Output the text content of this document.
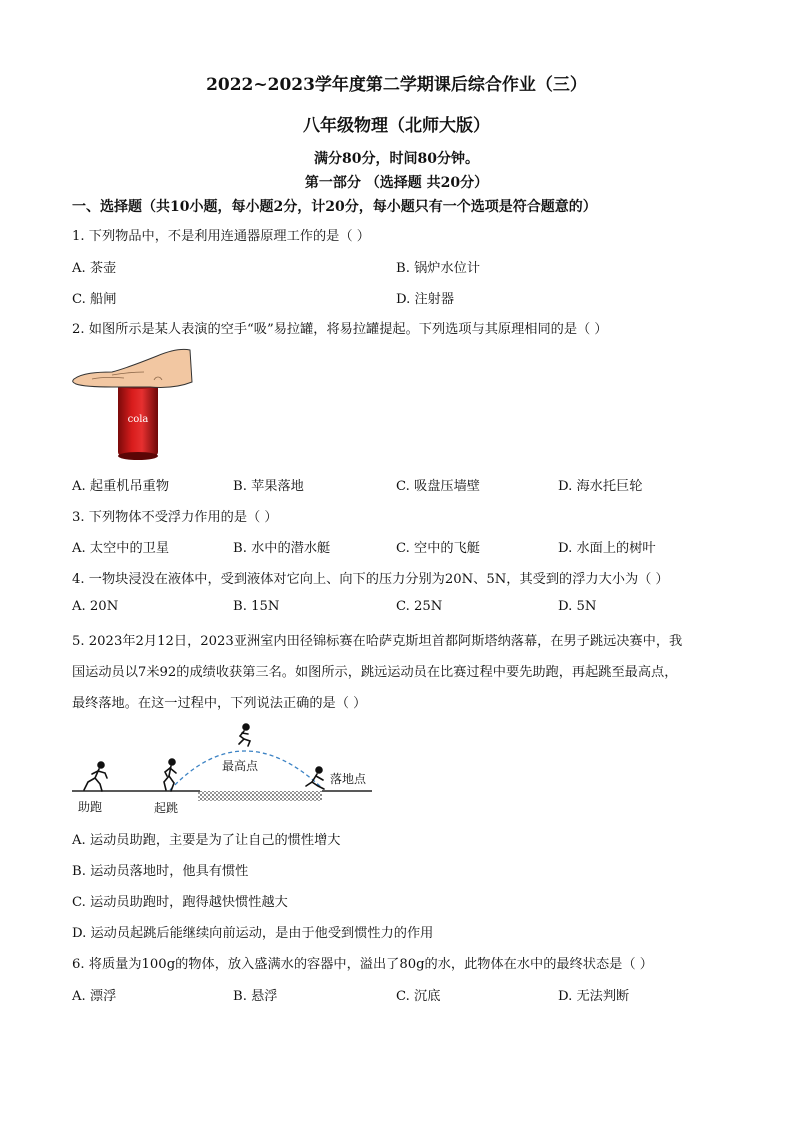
2022~2023学年度第二学期课后综合作业（三）
八年级物理（北师大版）
满分80分，时间80分钟。
第一部分 （选择题 共20分）
一、选择题（共10小题，每小题2分，计20分，每小题只有一个选项是符合题意的）
1. 下列物品中，不是利用连通器原理工作的是（ ）
A. 茶壶	B. 锅炉水位计
C. 船闸	D. 注射器
2. 如图所示是某人表演的空手“吸”易拉罐，将易拉罐提起。下列选项与其原理相同的是（ ）
cola
A. 起重机吊重物	B. 苹果落地	C. 吸盘压墙壁	D. 海水托巨轮
3. 下列物体不受浮力作用的是（ ）
A. 太空中的卫星	B. 水中的潜水艇	C. 空中的飞艇	D. 水面上的树叶
4. 一物块浸没在液体中，受到液体对它向上、向下的压力分别为20N、5N，其受到的浮力大小为（ ）
A. 20N	B. 15N	C. 25N	D. 5N
5. 2023年2月12日，2023亚洲室内田径锦标赛在哈萨克斯坦首都阿斯塔纳落幕，在男子跳远决赛中，我
国运动员以7米92的成绩收获第三名。如图所示，跳远运动员在比赛过程中要先助跑，再起跳至最高点，
最终落地。在这一过程中，下列说法正确的是（ ）
助跑	起跳
最高点
落地点
A. 运动员助跑，主要是为了让自己的惯性增大
B. 运动员落地时，他具有惯性
C. 运动员助跑时，跑得越快惯性越大
D. 运动员起跳后能继续向前运动，是由于他受到惯性力的作用
6. 将质量为100g的物体，放入盛满水的容器中，溢出了80g的水，此物体在水中的最终状态是（ ）
A. 漂浮	B. 悬浮	C. 沉底	D. 无法判断
